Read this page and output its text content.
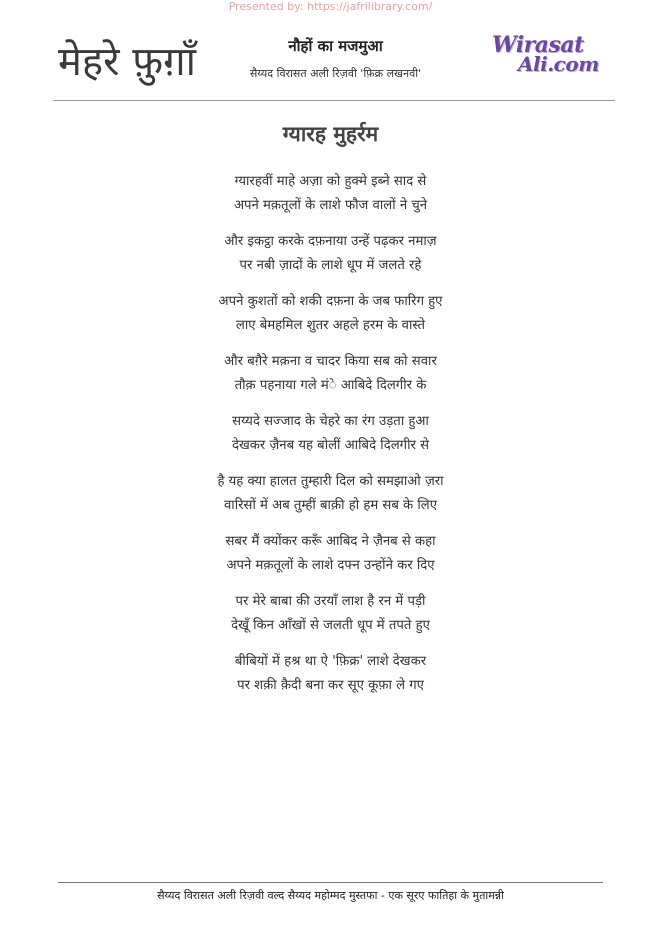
Presented by: https://jafrilibrary.com/
मेहरे फ़ुग़ाँ	नौहों का मजमुआ
सैय्यद विरासत अली रिज़वी 'फ़िक्र लखनवी'
Wirasat
Ali.com
ग्यारह मुहर्रम
ग्यारहवीं माहे अज़ा को हुक्मे इब्ने साद से
अपने मक़तूलों के लाशे फौज वालों ने चुने
और इकट्ठा करके दफ़नाया उन्हें पढ़कर नमाज़
पर नबी ज़ादों के लाशे धूप में जलते रहे
अपने कुशतों को शकी दफ़ना के जब फारिग हुए
लाए बेमहमिल शुतर अहले हरम के वास्ते
और बग़ैरे मक़ना व चादर किया सब को सवार
तौक़ पहनाया गले मंे आबिदे दिलगीर के
सय्यदे सज्जाद के चेहरे का रंग उड़ता हुआ
देखकर ज़ैनब यह बोलीं आबिदे दिलगीर से
है यह क्या हालत तुम्हारी दिल को समझाओ ज़रा
वारिसों में अब तुम्हीं बाक़ी हो हम सब के लिए
सबर मैं क्योंकर करूँ आबिद ने ज़ैनब से कहा
अपने मक़तूलों के लाशे दफ्न उन्होंने कर दिए
पर मेरे बाबा की उरयाँ लाश है रन में पड़ी
देखूँ किन आँखों से जलती धूप में तपते हुए
बीबियों में हश्र था ऐ 'फ़िक्र' लाशे देखकर
पर शक़ी क़ैदी बना कर सूए कूफ़ा ले गए
सैय्यद विरासत अली रिज़वी वल्द सैय्यद महोम्मद मुस्तफा - एक सूरए फातिहा के मुतामन्नी
